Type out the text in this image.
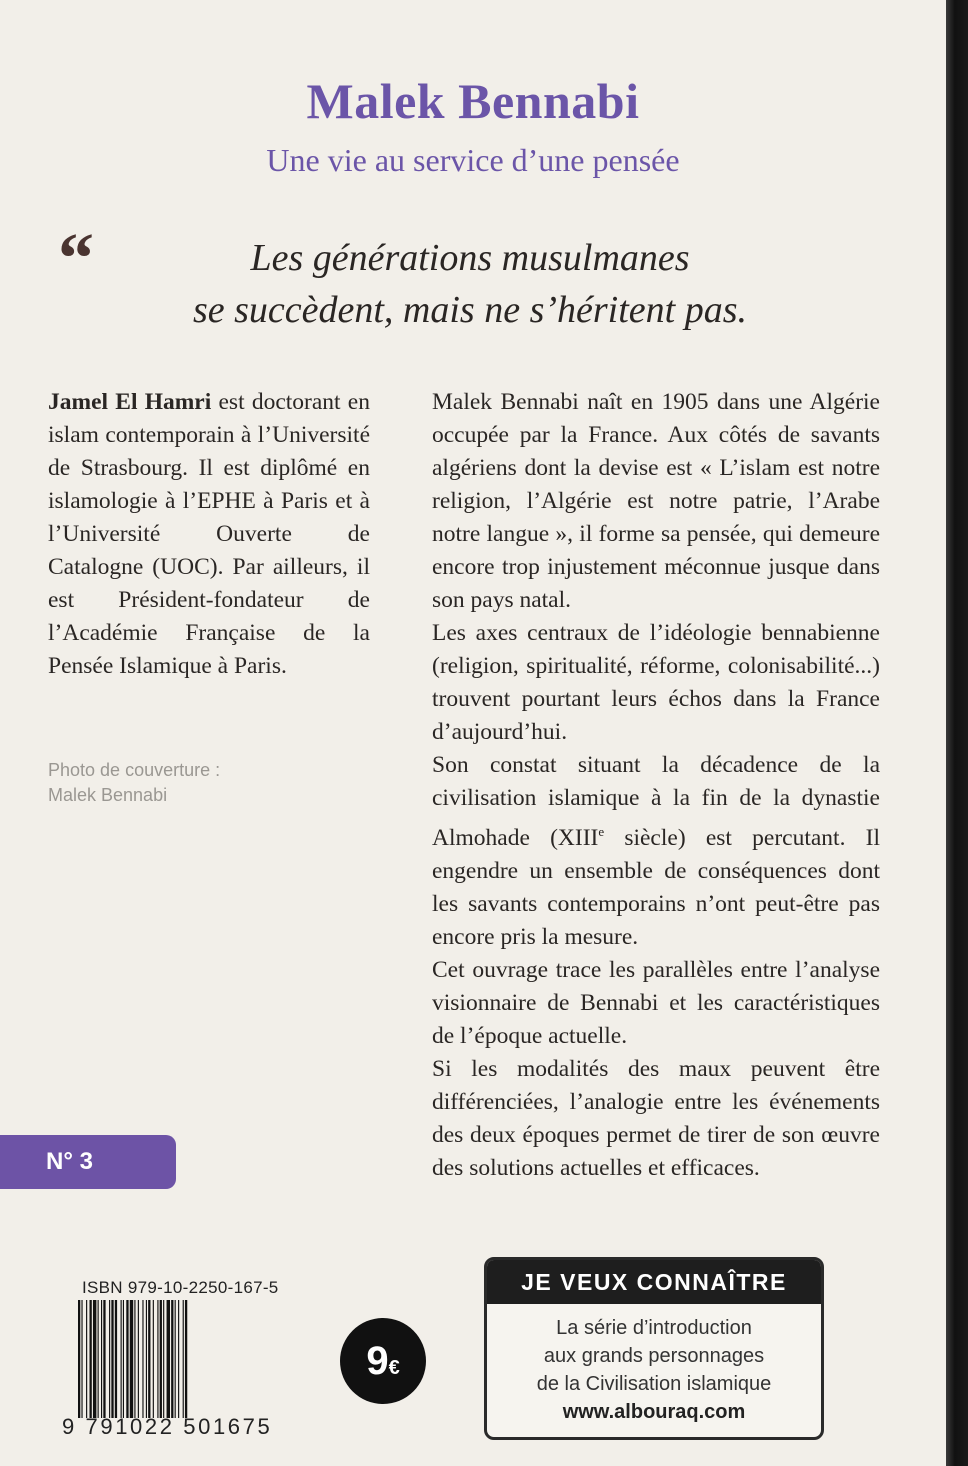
Malek Bennabi
Une vie au service d’une pensée
“	Les générations musulmanes
se succèdent, mais ne s’héritent pas.
Jamel El Hamri est doctorant en islam contemporain à l’Université de Strasbourg. Il est diplômé en islamologie à l’EPHE à Paris et à l’Université Ouverte de Catalogne (UOC). Par ailleurs, il est Président-fondateur de l’Académie Française de la Pensée Islamique à Paris.
Photo de couverture :
Malek Bennabi

Malek Bennabi naît en 1905 dans une Algérie occupée par la France. Aux côtés de savants algériens dont la devise est « L’islam est notre religion, l’Algérie est notre patrie, l’Arabe notre langue », il forme sa pensée, qui demeure encore trop injustement méconnue jusque dans son pays natal.

Les axes centraux de l’idéologie bennabienne (religion, spiritualité, réforme, colonisabilité...) trouvent pourtant leurs échos dans la France d’aujourd’hui.

Son constat situant la décadence de la civilisation islamique à la fin de la dynastie Almohade (XIIIe siècle) est percutant. Il engendre un ensemble de conséquences dont les savants contemporains n’ont peut-être pas encore pris la mesure.

Cet ouvrage trace les parallèles entre l’analyse visionnaire de Bennabi et les caractéristiques de l’époque actuelle.

Si les modalités des maux peuvent être différenciées, l’analogie entre les événements des deux époques permet de tirer de son œuvre des solutions actuelles et efficaces.

N° 3
ISBN 979-10-2250-167-5
9 791022 501675
9 €
JE VEUX CONNAÎTRE
La série d’introduction
aux grands personnages
de la Civilisation islamique
www.albouraq.com
